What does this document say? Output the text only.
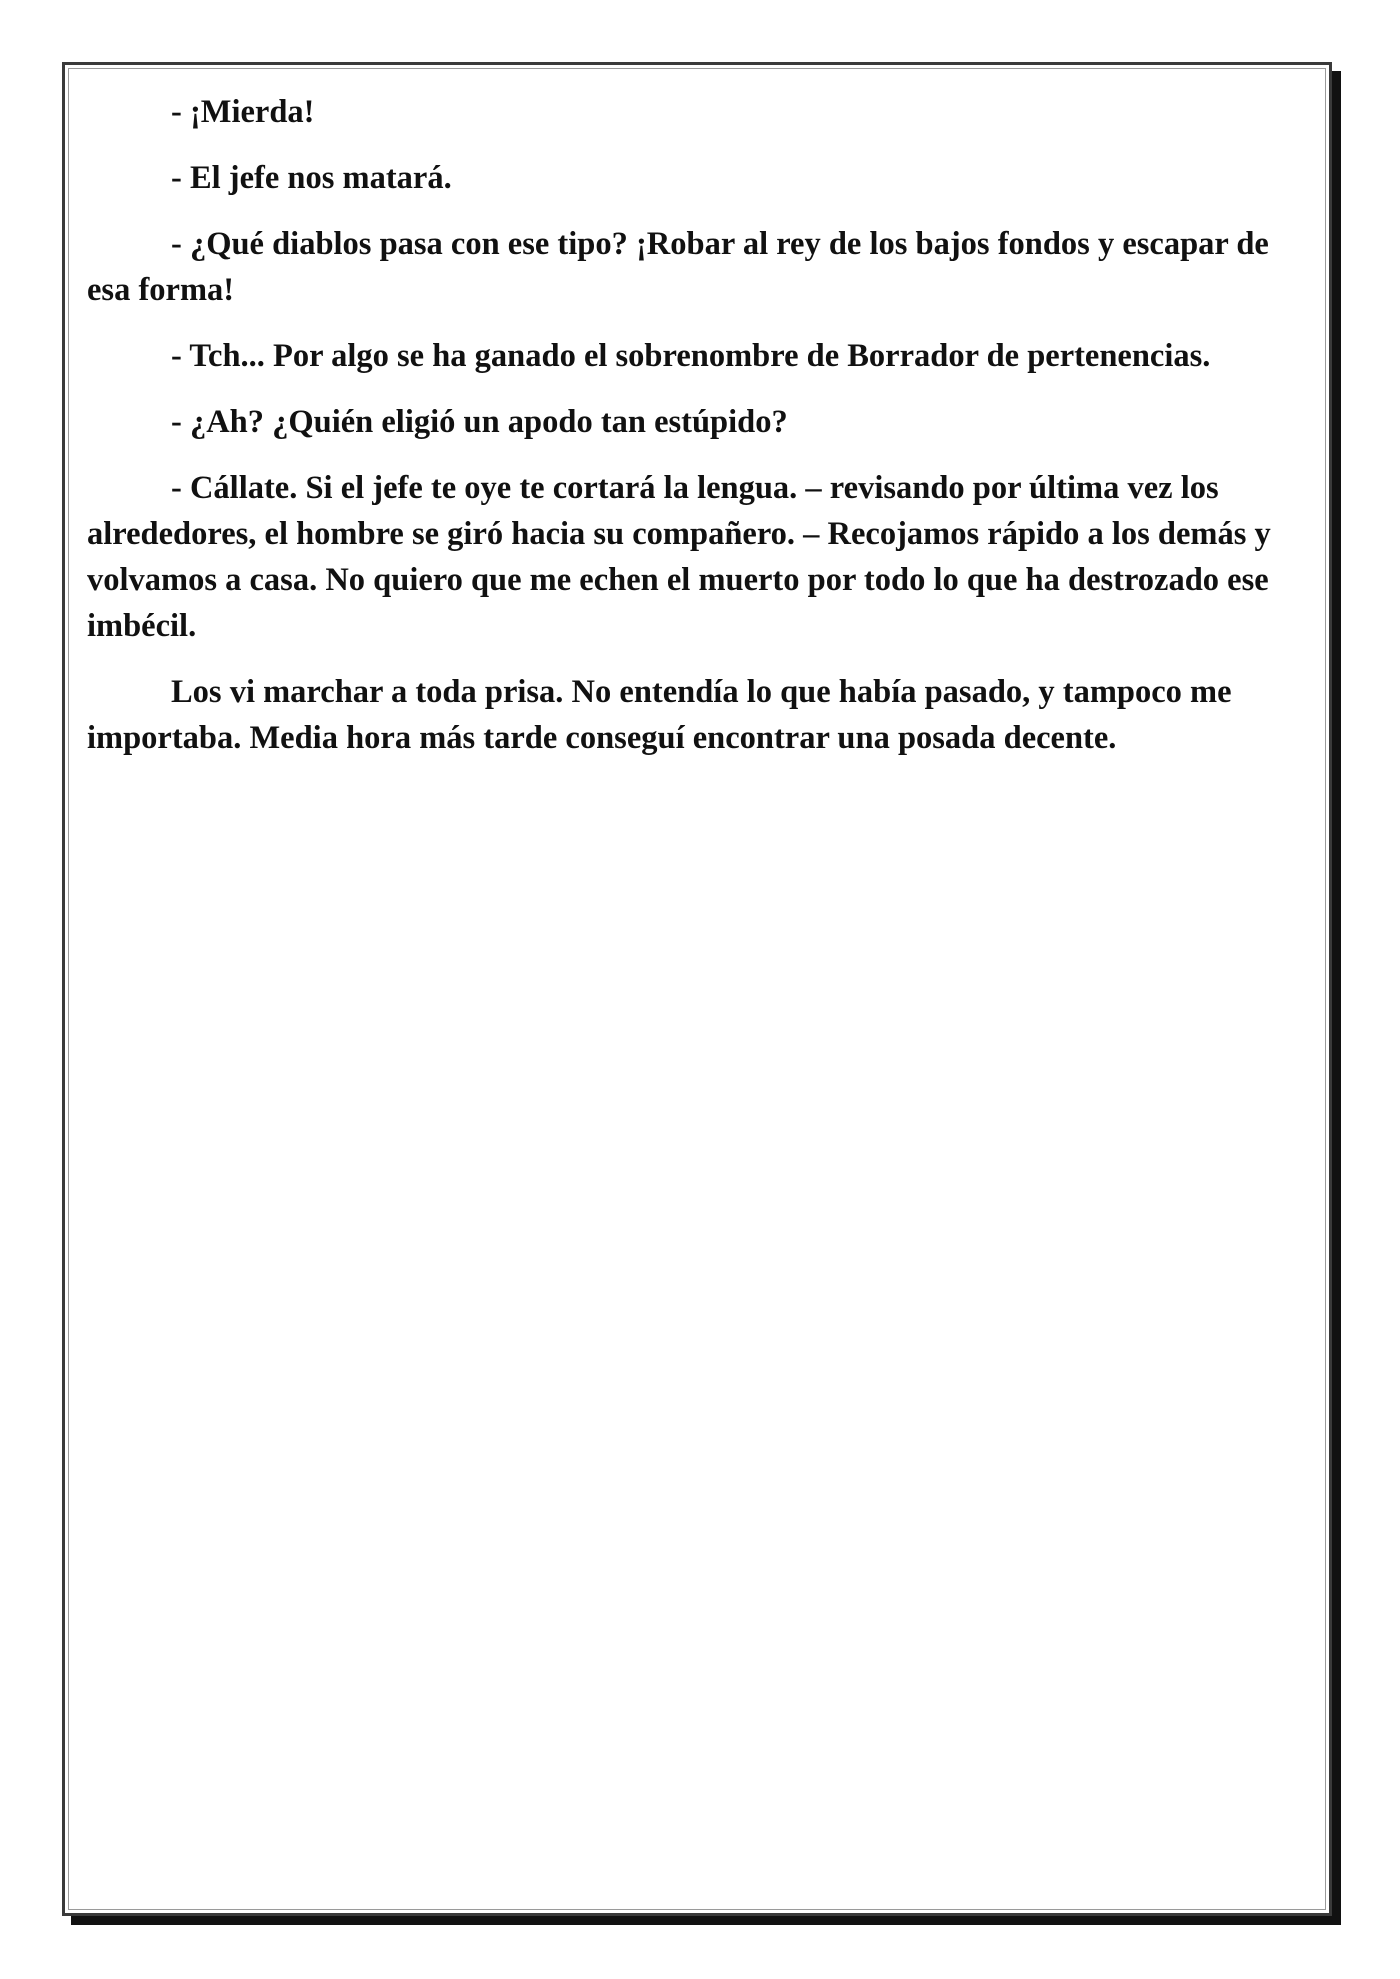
- ¡Mierda!

- El jefe nos matará.

- ¿Qué diablos pasa con ese tipo? ¡Robar al rey de los bajos fondos y escapar de esa forma!

- Tch... Por algo se ha ganado el sobrenombre de Borrador de pertenencias.

- ¿Ah? ¿Quién eligió un apodo tan estúpido?

- Cállate. Si el jefe te oye te cortará la lengua. – revisando por última vez los alrededores, el hombre se giró hacia su compañero. – Recojamos rápido a los demás y volvamos a casa. No quiero que me echen el muerto por todo lo que ha destrozado ese imbécil.

Los vi marchar a toda prisa. No entendía lo que había pasado, y tampoco me importaba. Media hora más tarde conseguí encontrar una posada decente.
